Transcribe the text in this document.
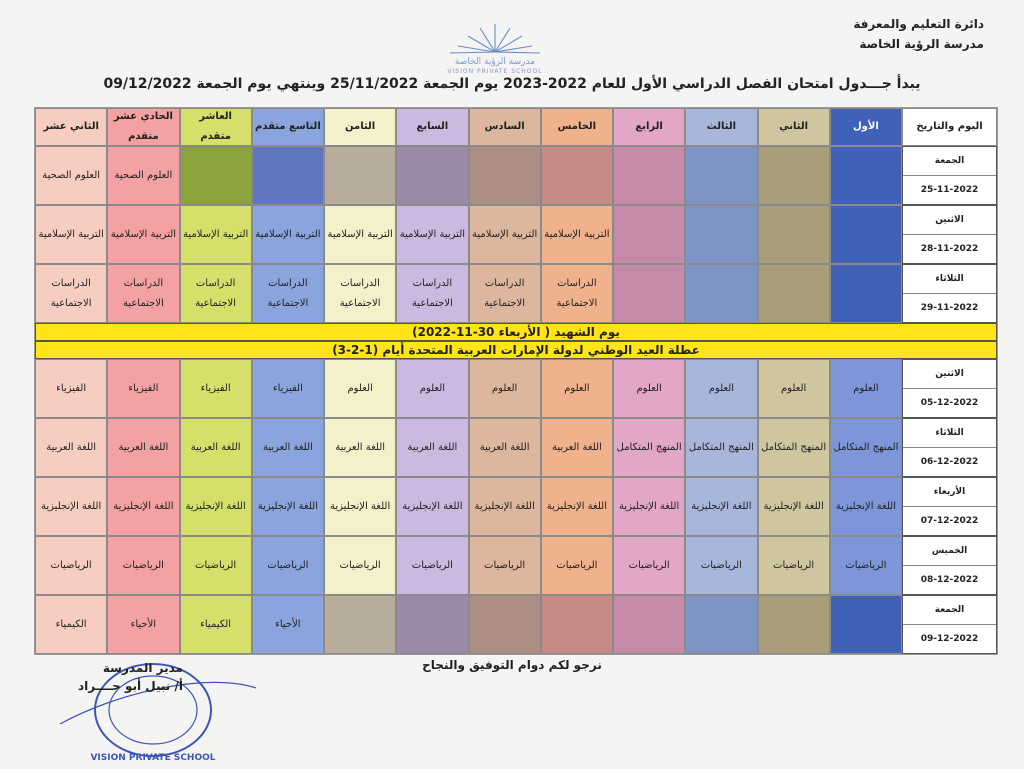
دائرة التعليم والمعرفة
مدرسة الرؤية الخاصة
مدرسة الرؤية الخاصة
VISION PRIVATE SCHOOL
يبدأ جـــدول امتحان الفصل الدراسي الأول للعام 2022-2023 يوم الجمعة 25/11/2022 وينتهي يوم الجمعة 09/12/2022
اليوم والتاريخ
الأول
الثاني
الثالث
الرابع
الخامس
السادس
السابع
الثامن
التاسع متقدم
العاشر متقدم
الحادي عشر متقدم
الثاني عشر
الجمعة
25-11-2022
العلوم الصحية
العلوم الصحية
الاثنين
28-11-2022
التربية الإسلامية
التربية الإسلامية
التربية الإسلامية
التربية الإسلامية
التربية الإسلامية
التربية الإسلامية
التربية الإسلامية
التربية الإسلامية
الثلاثاء
29-11-2022
الدراسات الاجتماعية
الدراسات الاجتماعية
الدراسات الاجتماعية
الدراسات الاجتماعية
الدراسات الاجتماعية
الدراسات الاجتماعية
الدراسات الاجتماعية
الدراسات الاجتماعية
يوم الشهيد ( الأربعاء 30-11-2022)
عطلة العيد الوطني لدولة الإمارات العربية المتحدة أيام (1-2-3)
الاثنين
05-12-2022
العلوم
العلوم
العلوم
العلوم
العلوم
العلوم
العلوم
العلوم
الفيزياء
الفيزياء
الفيزياء
الفيزياء
الثلاثاء
06-12-2022
المنهج المتكامل
المنهج المتكامل
المنهج المتكامل
المنهج المتكامل
اللغة العربية
اللغة العربية
اللغة العربية
اللغة العربية
اللغة العربية
اللغة العربية
اللغة العربية
اللغة العربية
الأربعاء
07-12-2022
اللغة الإنجليزية
اللغة الإنجليزية
اللغة الإنجليزية
اللغة الإنجليزية
اللغة الإنجليزية
اللغة الإنجليزية
اللغة الإنجليزية
اللغة الإنجليزية
اللغة الإنجليزية
اللغة الإنجليزية
اللغة الإنجليزية
اللغة الإنجليزية
الخميس
08-12-2022
الرياضيات
الرياضيات
الرياضيات
الرياضيات
الرياضيات
الرياضيات
الرياضيات
الرياضيات
الرياضيات
الرياضيات
الرياضيات
الرياضيات
الجمعة
09-12-2022
الأحياء
الكيمياء
الأحياء
الكيمياء
نرجو لكم دوام التوفيق والنجاح
VISION PRIVATE SCHOOL
مدير المدرسة
أ/ نبيل أبو جــــراد
